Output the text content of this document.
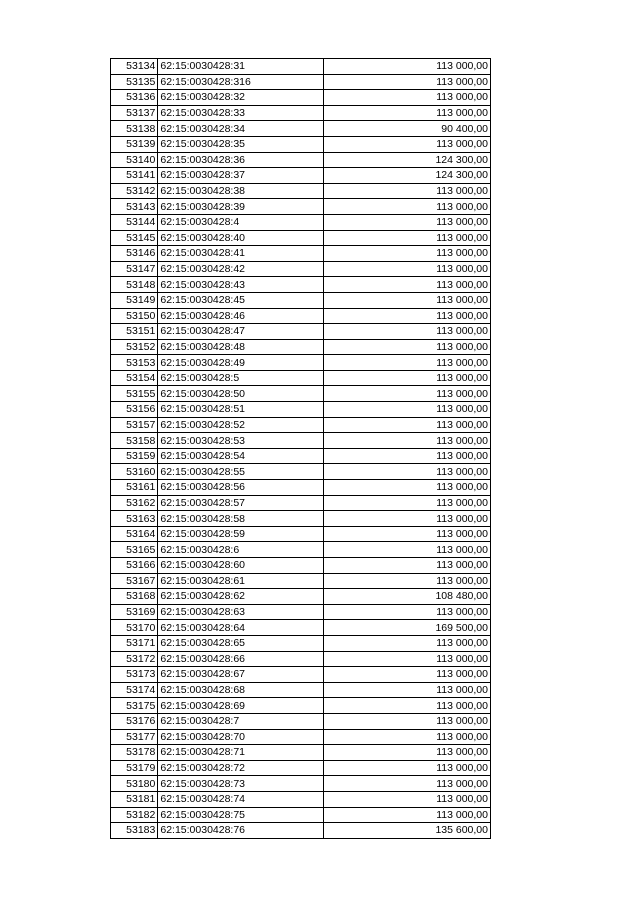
53134	62:15:0030428:31	113 000,00
53135	62:15:0030428:316	113 000,00
53136	62:15:0030428:32	113 000,00
53137	62:15:0030428:33	113 000,00
53138	62:15:0030428:34	90 400,00
53139	62:15:0030428:35	113 000,00
53140	62:15:0030428:36	124 300,00
53141	62:15:0030428:37	124 300,00
53142	62:15:0030428:38	113 000,00
53143	62:15:0030428:39	113 000,00
53144	62:15:0030428:4	113 000,00
53145	62:15:0030428:40	113 000,00
53146	62:15:0030428:41	113 000,00
53147	62:15:0030428:42	113 000,00
53148	62:15:0030428:43	113 000,00
53149	62:15:0030428:45	113 000,00
53150	62:15:0030428:46	113 000,00
53151	62:15:0030428:47	113 000,00
53152	62:15:0030428:48	113 000,00
53153	62:15:0030428:49	113 000,00
53154	62:15:0030428:5	113 000,00
53155	62:15:0030428:50	113 000,00
53156	62:15:0030428:51	113 000,00
53157	62:15:0030428:52	113 000,00
53158	62:15:0030428:53	113 000,00
53159	62:15:0030428:54	113 000,00
53160	62:15:0030428:55	113 000,00
53161	62:15:0030428:56	113 000,00
53162	62:15:0030428:57	113 000,00
53163	62:15:0030428:58	113 000,00
53164	62:15:0030428:59	113 000,00
53165	62:15:0030428:6	113 000,00
53166	62:15:0030428:60	113 000,00
53167	62:15:0030428:61	113 000,00
53168	62:15:0030428:62	108 480,00
53169	62:15:0030428:63	113 000,00
53170	62:15:0030428:64	169 500,00
53171	62:15:0030428:65	113 000,00
53172	62:15:0030428:66	113 000,00
53173	62:15:0030428:67	113 000,00
53174	62:15:0030428:68	113 000,00
53175	62:15:0030428:69	113 000,00
53176	62:15:0030428:7	113 000,00
53177	62:15:0030428:70	113 000,00
53178	62:15:0030428:71	113 000,00
53179	62:15:0030428:72	113 000,00
53180	62:15:0030428:73	113 000,00
53181	62:15:0030428:74	113 000,00
53182	62:15:0030428:75	113 000,00
53183	62:15:0030428:76	135 600,00
